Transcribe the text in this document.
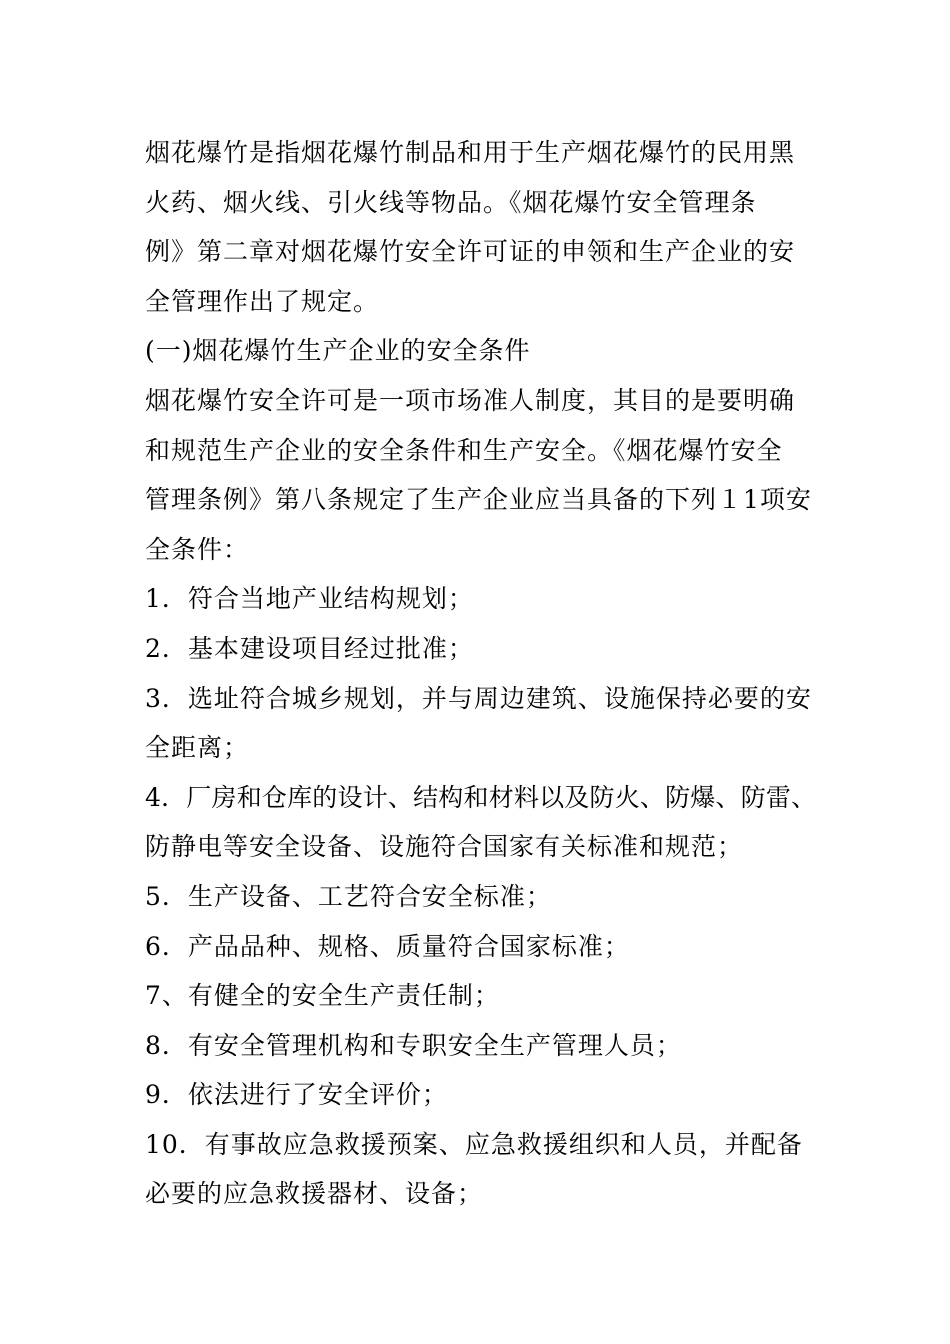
烟花爆竹是指烟花爆竹制品和用于生产烟花爆竹的民用黑
火药、烟火线、引火线等物品。《烟花爆竹安全管理条
例》第二章对烟花爆竹安全许可证的申领和生产企业的安
全管理作出了规定。
(一)烟花爆竹生产企业的安全条件
烟花爆竹安全许可是一项市场准人制度，其目的是要明确
和规范生产企业的安全条件和生产安全。《烟花爆竹安全
管理条例》第八条规定了生产企业应当具备的下列１1项安
全条件：
1．符合当地产业结构规划；
2．基本建设项目经过批准；
3．选址符合城乡规划，并与周边建筑、设施保持必要的安
全距离；
4．厂房和仓库的设计、结构和材料以及防火、防爆、防雷、
防静电等安全设备、设施符合国家有关标准和规范；
5．生产设备、工艺符合安全标准；
6．产品品种、规格、质量符合国家标准；
7、有健全的安全生产责任制；
8．有安全管理机构和专职安全生产管理人员；
9．依法进行了安全评价；
10．有事故应急救援预案、应急救援组织和人员，并配备
必要的应急救援器材、设备；
